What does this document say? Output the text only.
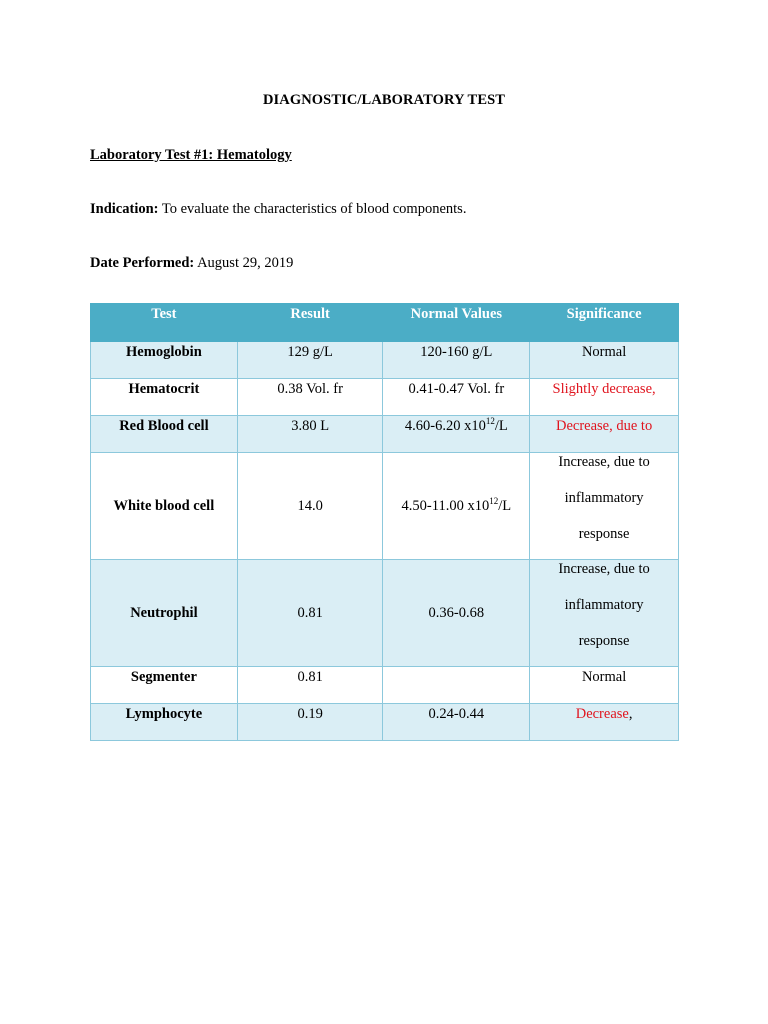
DIAGNOSTIC/LABORATORY TEST
Laboratory Test #1: Hematology
Indication: To evaluate the characteristics of blood components.
Date Performed: August 29, 2019
Test	Result	Normal Values	Significance
Hemoglobin	129 g/L	120-160 g/L	Normal
Hematocrit	0.38 Vol. fr	0.41-0.47 Vol. fr	Slightly decrease,
Red Blood cell	3.80 L	4.60-6.20 $x10^{12}/L$	Decrease, due to
White blood cell	14.0	4.50-11.00 $x10^{12}/L$	Increase, due to
inflammatory
response

Neutrophil	0.81	0.36-0.68	Increase, due to
inflammatory
response

Segmenter	0.81		Normal
Lymphocyte	0.19	0.24-0.44	Decrease,
